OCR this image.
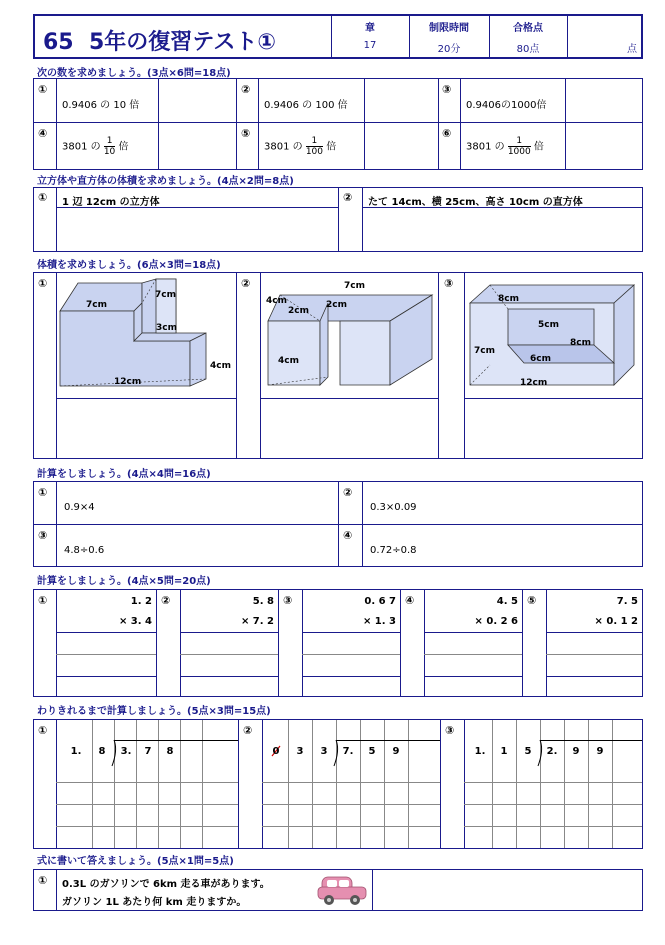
65 5年の復習テスト①
章
17
制限時間
20分
合格点
80点	点
次の数を求めましょう。(3点×6問=18点)
①
0.9406 の 10 倍
②
0.9406 の 100 倍
③
0.9406の1000倍
④
3801 の $\frac{1}{10}$ 倍
⑤
3801 の $\frac{1}{100}$ 倍
⑥
3801 の $\frac{1}{1000}$ 倍
立方体や直方体の体積を求めましょう。(4点×2問=8点)
① 1 辺 12cm の立方体	② たて 14cm、横 25cm、高さ 10cm の直方体
体積を求めましょう。(6点×3問=18点)
①	②	③
7cm
7cm
3cm
4cm
12cm
7cm
4cm
2cm
2cm
4cm
8cm
5cm
8cm
7cm
6cm
12cm
計算をしましょう。(4点×4問=16点)
①
0.9×4
②
0.3×0.09
③
4.8÷0.6
④
0.72÷0.8
計算をしましょう。(4点×5問=20点)
①	1. 2
× 3. 4
②	5. 8
× 7. 2
③	0. 6 7
× 1. 3
④	4. 5
× 0. 2 6
⑤	7. 5
× 0. 1 2
わりきれるまで計算しましょう。(5点×3問=15点)
①
1.	8	3.	7	8
②
0	3	3	7.	5	9
③
1.	1	5	2.	9	9
式に書いて答えましょう。(5点×1問=5点)
① 0.3L のガソリンで 6km 走る車があります。
ガソリン 1L あたり何 km 走りますか。
